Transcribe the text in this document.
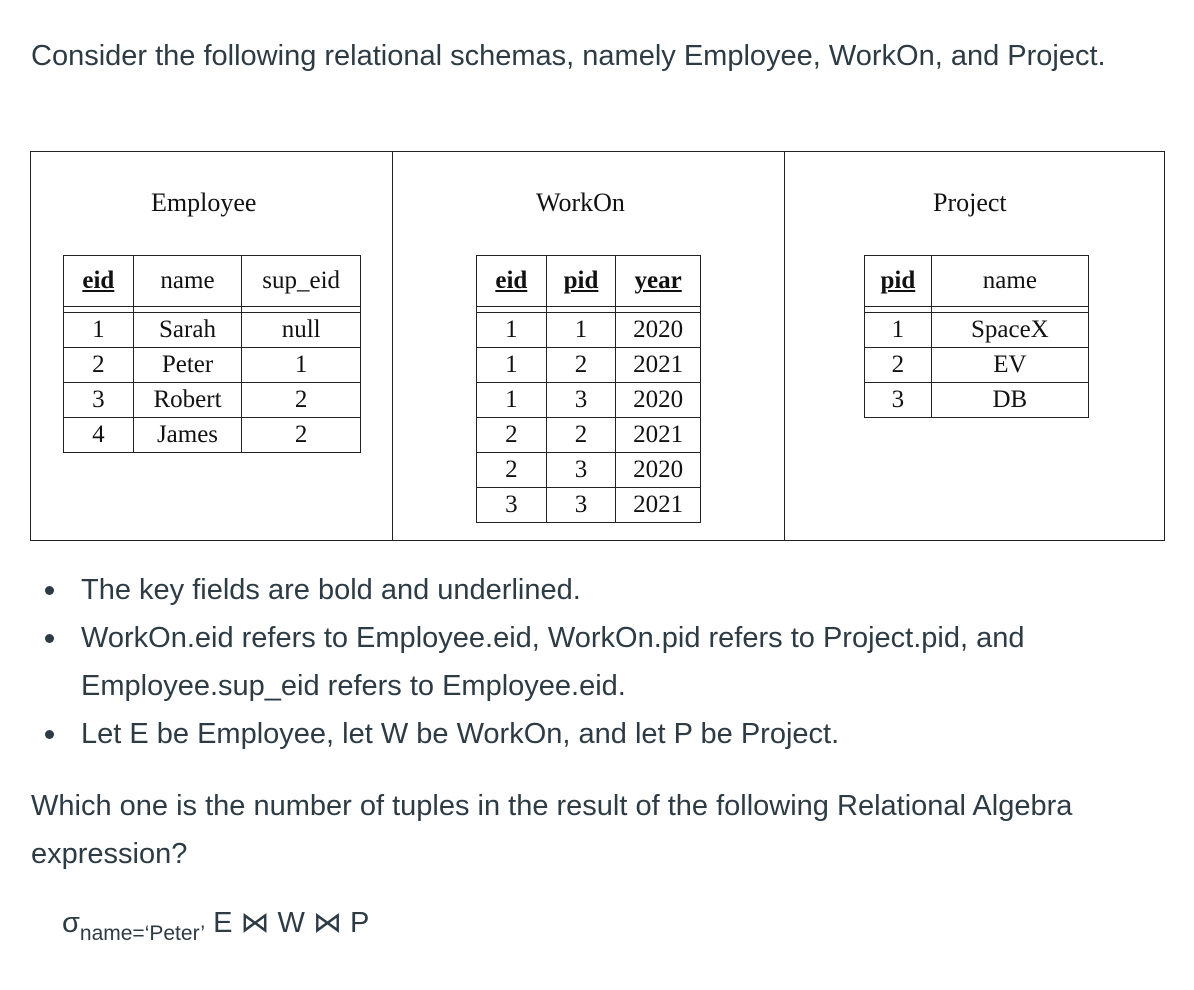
Consider the following relational schemas, namely Employee, WorkOn, and Project.

Employee
eid	name	sup_eid

1	Sarah	null
2	Peter	1
3	Robert	2
4	James	2
WorkOn
eid	pid	year

1	1	2020
1	2	2021
1	3	2020
2	2	2021
2	3	2020
3	3	2021
Project
pid	name

1	SpaceX
2	EV
3	DB
The key fields are bold and underlined.
WorkOn.eid refers to Employee.eid, WorkOn.pid refers to Project.pid, and Employee.sup_eid refers to Employee.eid.
Let E be Employee, let W be WorkOn, and let P be Project.

Which one is the number of tuples in the result of the following Relational Algebra expression?

$\sigma_{name=‘Peter’}$ E ⋈ W ⋈ P
